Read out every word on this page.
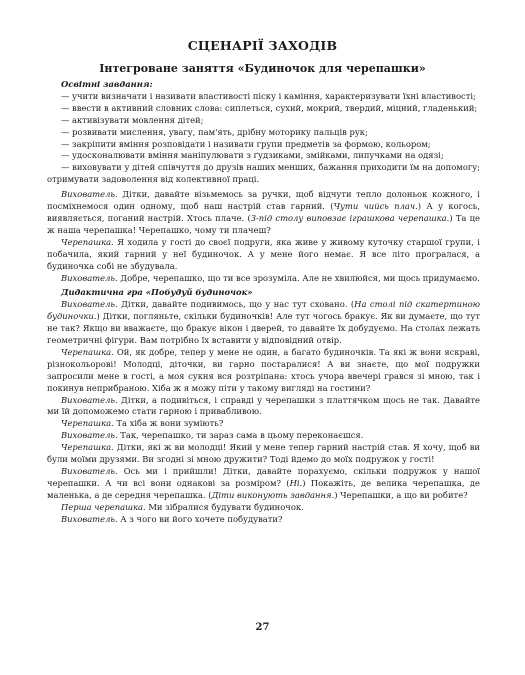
СЦЕНАРІЇ ЗАХОДІВ
Інтегроване заняття «Будиночок для черепашки»

Освітні завдання:

— учити визначати і називати властивості піску і каміння, характеризувати їхні властивості;

— ввести в активний словник слова: сиплеться, сухий, мокрий, твердий, міцний, гладенький;

— активізувати мовлення дітей;

— розвивати мислення, увагу, пам'ять, дрібну моторику пальців рук;

— закріпити вміння розповідати і називати групи предметів за формою, кольором;

— удосконалювати вміння маніпулювати з ґудзиками, змійками, липучками на одязі;

— виховувати у дітей співчуття до друзів наших менших, бажання приходити їм на допомогу; отримувати задоволення від колективної праці.

Вихователь. Дітки, давайте візьмемось за ручки, щоб відчути тепло долоньок кожного, і посміхнемося один одному, щоб наш настрій став гарний. (Чути чийсь плач.) А у когось, виявляється, поганий настрій. Хтось плаче. (З-під столу виповзає іграшкова черепашка.) Та це ж наша черепашка! Черепашко, чому ти плачеш?

Черепашка. Я ходила у гості до своєї подруги, яка живе у живому куточку старшої групи, і побачила, який гарний у неї будиночок. А у мене його немає. Я все літо програлася, а будиночка собі не збудувала.

Вихователь. Добре, черепашко, що ти все зрозуміла. Але не хвилюйся, ми щось придумаємо.

Дидактична гра «Побудуй будиночок»

Вихователь. Дітки, давайте подивимось, що у нас тут сховано. (На столі під скатертиною будиночки.) Дітки, погляньте, скільки будиночків! Але тут чогось бракує. Як ви думаєте, що тут не так? Якщо ви вважаєте, що бракує вікон і дверей, то давайте їх добудуємо. На столах лежать геометричні фігури. Вам потрібно їх вставити у відповідний отвір.

Черепашка. Ой, як добре, тепер у мене не один, а багато будиночків. Та які ж вони яскраві, різнокольорові! Молодці, діточки, ви гарно постаралися! А ви знаєте, що мої подружки запросили мене в гості, а моя сукня вся розтріпана: хтось учора ввечері грався зі мною, так і покинув неприбраною. Хіба ж я можу піти у такому вигляді на гостини?

Вихователь. Дітки, а подивіться, і справді у черепашки з платтячком щось не так. Давайте ми їй допоможемо стати гарною і привабливою.

Черепашка. Та хіба ж вони зуміють?

Вихователь. Так, черепашко, ти зараз сама в цьому переконаєшся.

Черепашка. Дітки, які ж ви молодці! Який у мене тепер гарний настрій став. Я хочу, щоб ви були моїми друзями. Ви згодні зі мною дружити? Тоді йдемо до моїх подружок у гості!

Вихователь. Ось ми і прийшли! Дітки, давайте порахуємо, скільки подружок у нашої черепашки. А чи всі вони однакові за розміром? (Ні.) Покажіть, де велика черепашка, де маленька, а де середня черепашка. (Діти виконують завдання.) Черепашки, а що ви робите?

Перша черепашка. Ми зібралися будувати будиночок.

Вихователь. А з чого ви його хочете побудувати?

27
